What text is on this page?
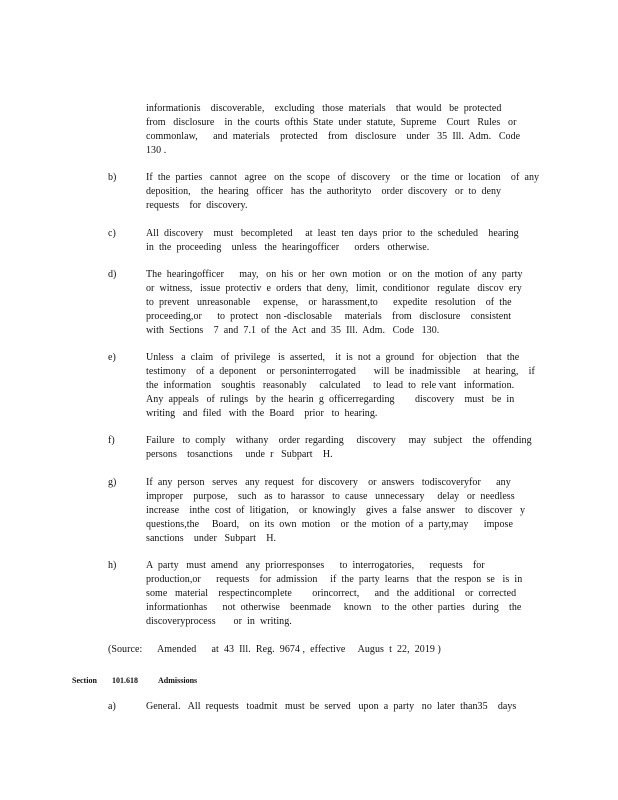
informationis    discoverable,    excluding   those  materials    that  would   be  protected
from   disclosure    in  the  courts  ofthis  State  under  statute,  Supreme    Court   Rules   or
commonlaw,      and  materials    protected    from   disclosure    under   35  Ill.  Adm.   Code
130 .
b)	If  the  parties   cannot   agree   on  the  scope   of  discovery    or  the  time  or  location    of  any
deposition,    the  hearing   officer   has  the  authorityto    order  discovery   or  to  deny
requests    for  discovery.
c)	All  discovery    must   becompleted     at  least  ten  days  prior  to  the  scheduled    hearing
in  the  proceeding    unless   the  hearingofficer      orders   otherwise.
d)	The  hearingofficer      may,   on  his  or  her  own  motion   or  on  the  motion  of  any  party
or  witness,   issue  protectiv  e  orders  that  deny,   limit,  conditionor   regulate   discov  ery
to  prevent   unreasonable     expense,    or  harassment,to      expedite   resolution    of  the
proceeding,or      to  protect   non -disclosable     materials    from   disclosure    consistent
with  Sections    7  and  7.1  of  the  Act  and  35  Ill.  Adm.   Code   130.
e)	Unless   a  claim   of  privilege   is  asserted,    it  is  not  a  ground   for  objection    that  the
testimony    of  a  deponent    or  personinterrogated       will  be  inadmissible     at  hearing,    if
the  information    soughtis   reasonably     calculated     to  lead  to  rele vant   information.
Any  appeals   of  rulings   by  the  hearin  g  officerregarding        discovery    must   be  in
writing   and  filed   with  the  Board    prior   to  hearing.
f)	Failure   to  comply    withany    order  regarding     discovery     may   subject    the   offending
persons    tosanctions     unde  r   Subpart    H.
g)	If  any  person   serves   any  request   for  discovery    or  answers   todiscoveryfor      any
improper    purpose,    such   as  to  harassor   to  cause   unnecessary     delay   or  needless
increase    inthe  cost  of  litigation,    or  knowingly    gives  a  false  answer    to  discover   y
questions,the     Board,    on  its  own  motion    or  the  motion  of  a  party,may      impose
sanctions    under   Subpart    H.
h)	A  party   must  amend   any  priorresponses      to  interrogatories,      requests    for
production,or      requests    for  admission     if  the  party  learns   that  the  respon  se   is  in
some   material    respectincomplete        orincorrect,      and   the  additional    or  corrected
informationhas      not  otherwise    beenmade     known    to  the  other  parties   during    the
discoveryprocess       or  in  writing.
(Source:      Amended      at  43  Ill.  Reg.  9674 ,  effective     Augus  t  22,  2019 )
Section 101.618	Admissions
a)	General.   All  requests   toadmit   must  be  served   upon  a  party   no  later  than35    days
